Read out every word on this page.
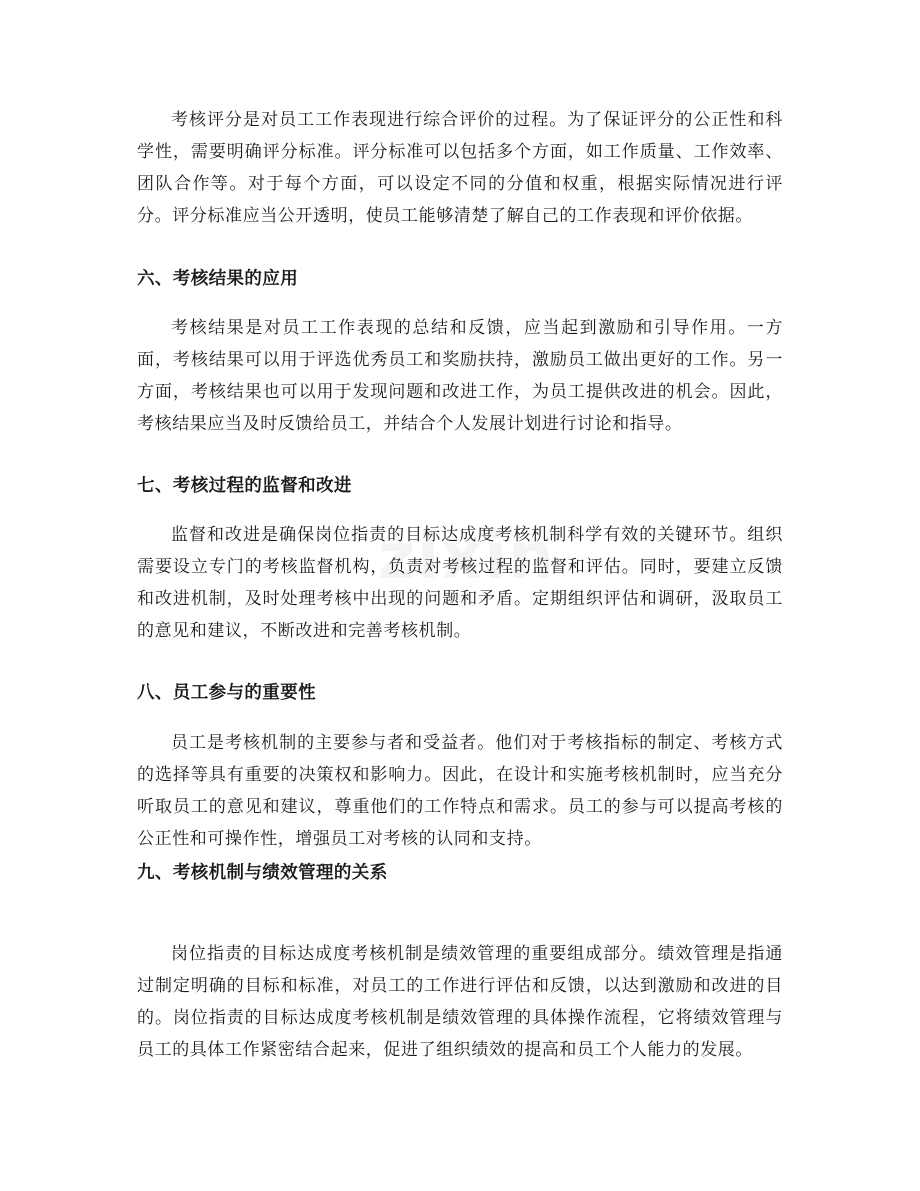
zixin

考核评分是对员工工作表现进行综合评价的过程。为了保证评分的公正性和科学性，需要明确评分标准。评分标准可以包括多个方面，如工作质量、工作效率、团队合作等。对于每个方面，可以设定不同的分值和权重，根据实际情况进行评分。评分标准应当公开透明，使员工能够清楚了解自己的工作表现和评价依据。

六、考核结果的应用

考核结果是对员工工作表现的总结和反馈，应当起到激励和引导作用。一方面，考核结果可以用于评选优秀员工和奖励扶持，激励员工做出更好的工作。另一方面，考核结果也可以用于发现问题和改进工作，为员工提供改进的机会。因此，考核结果应当及时反馈给员工，并结合个人发展计划进行讨论和指导。

七、考核过程的监督和改进

监督和改进是确保岗位指责的目标达成度考核机制科学有效的关键环节。组织需要设立专门的考核监督机构，负责对考核过程的监督和评估。同时，要建立反馈和改进机制，及时处理考核中出现的问题和矛盾。定期组织评估和调研，汲取员工的意见和建议，不断改进和完善考核机制。

八、员工参与的重要性

员工是考核机制的主要参与者和受益者。他们对于考核指标的制定、考核方式的选择等具有重要的决策权和影响力。因此，在设计和实施考核机制时，应当充分听取员工的意见和建议，尊重他们的工作特点和需求。员工的参与可以提高考核的公正性和可操作性，增强员工对考核的认同和支持。

九、考核机制与绩效管理的关系

岗位指责的目标达成度考核机制是绩效管理的重要组成部分。绩效管理是指通过制定明确的目标和标准，对员工的工作进行评估和反馈，以达到激励和改进的目的。岗位指责的目标达成度考核机制是绩效管理的具体操作流程，它将绩效管理与员工的具体工作紧密结合起来，促进了组织绩效的提高和员工个人能力的发展。
